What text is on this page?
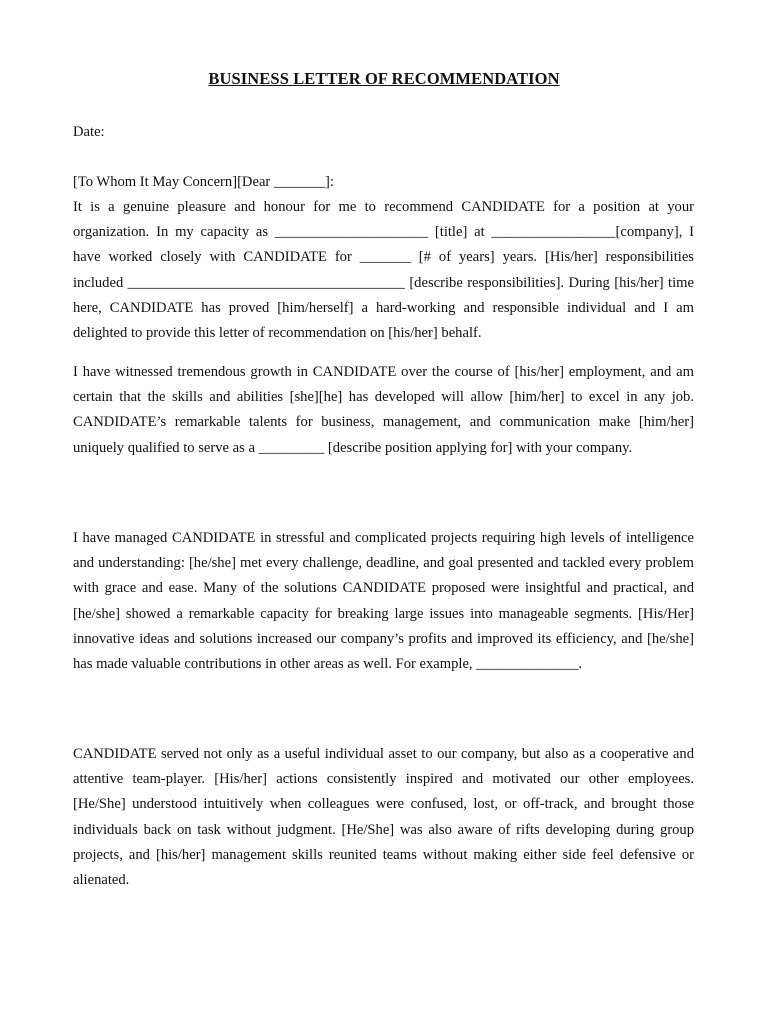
BUSINESS LETTER OF RECOMMENDATION

Date:

[To Whom It May Concern][Dear _______]:

It is a genuine pleasure and honour for me to recommend CANDIDATE for a position at your organization. In my capacity as _____________________ [title] at _________________[company], I have worked closely with CANDIDATE for _______ [# of years] years. [His/her] responsibilities included ______________________________________ [describe responsibilities]. During [his/her] time here, CANDIDATE has proved [him/herself] a hard-working and responsible individual and I am delighted to provide this letter of recommendation on [his/her] behalf.

I have witnessed tremendous growth in CANDIDATE over the course of [his/her] employment, and am certain that the skills and abilities [she][he] has developed will allow [him/her] to excel in any job. CANDIDATE’s remarkable talents for business, management, and communication make [him/her] uniquely qualified to serve as a _________ [describe position applying for] with your company.

I have managed CANDIDATE in stressful and complicated projects requiring high levels of intelligence and understanding: [he/she] met every challenge, deadline, and goal presented and tackled every problem with grace and ease. Many of the solutions CANDIDATE proposed were insightful and practical, and [he/she] showed a remarkable capacity for breaking large issues into manageable segments. [His/Her] innovative ideas and solutions increased our company’s profits and improved its efficiency, and [he/she] has made valuable contributions in other areas as well. For example, ______________.

CANDIDATE served not only as a useful individual asset to our company, but also as a cooperative and attentive team-player. [His/her] actions consistently inspired and motivated our other employees. [He/She] understood intuitively when colleagues were confused, lost, or off-track, and brought those individuals back on task without judgment. [He/She] was also aware of rifts developing during group projects, and [his/her] management skills reunited teams without making either side feel defensive or alienated.
